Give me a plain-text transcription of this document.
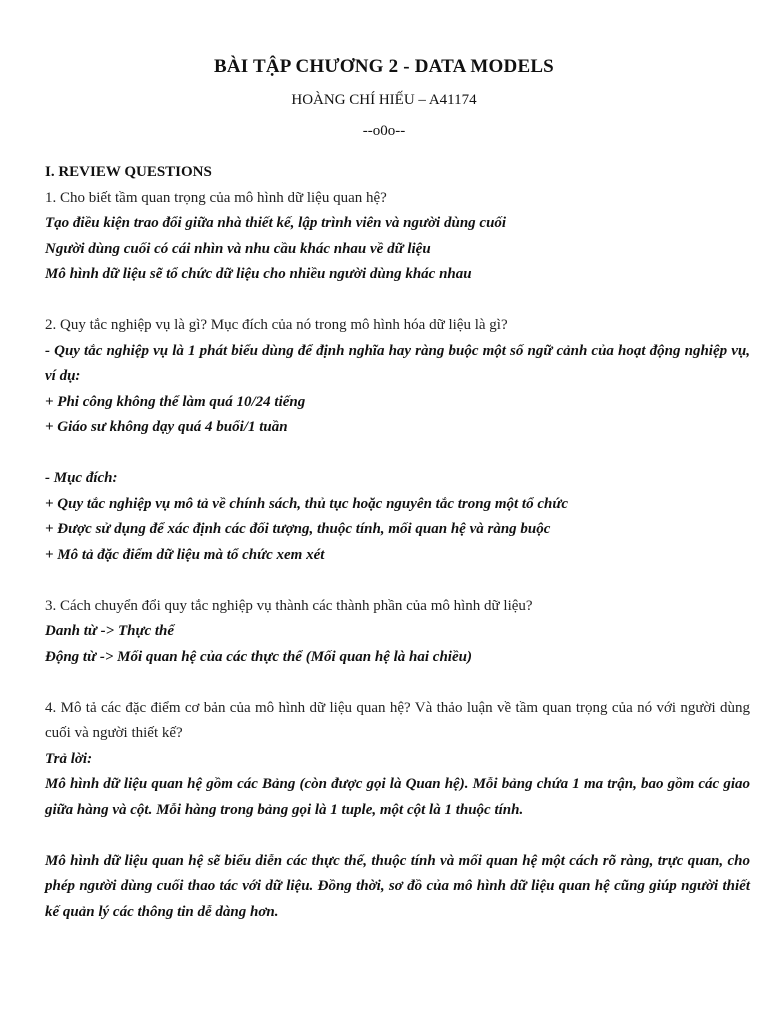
BÀI TẬP CHƯƠNG 2 - DATA MODELS
HOÀNG CHÍ HIẾU – A41174
--o0o--

I. REVIEW QUESTIONS

1. Cho biết tầm quan trọng của mô hình dữ liệu quan hệ?

Tạo điều kiện trao đổi giữa nhà thiết kế, lập trình viên và người dùng cuối

Người dùng cuối có cái nhìn và nhu cầu khác nhau về dữ liệu

Mô hình dữ liệu sẽ tổ chức dữ liệu cho nhiều người dùng khác nhau

2. Quy tắc nghiệp vụ là gì? Mục đích của nó trong mô hình hóa dữ liệu là gì?

- Quy tắc nghiệp vụ là 1 phát biểu dùng để định nghĩa hay ràng buộc một số ngữ cảnh của hoạt động nghiệp vụ, ví dụ:

+ Phi công không thể làm quá 10/24 tiếng

+ Giáo sư không dạy quá 4 buổi/1 tuần

- Mục đích:

+ Quy tắc nghiệp vụ mô tả về chính sách, thủ tục hoặc nguyên tắc trong một tổ chức

+ Được sử dụng để xác định các đối tượng, thuộc tính, mối quan hệ và ràng buộc

+ Mô tả đặc điểm dữ liệu mà tổ chức xem xét

3. Cách chuyển đổi quy tắc nghiệp vụ thành các thành phần của mô hình dữ liệu?

Danh từ -> Thực thể

Động từ -> Mối quan hệ của các thực thể (Mối quan hệ là hai chiều)

4. Mô tả các đặc điểm cơ bản của mô hình dữ liệu quan hệ? Và thảo luận về tầm quan trọng của nó với người dùng cuối và người thiết kế?

Trả lời:

Mô hình dữ liệu quan hệ gồm các Bảng (còn được gọi là Quan hệ). Mỗi bảng chứa 1 ma trận, bao gồm các giao giữa hàng và cột. Mỗi hàng trong bảng gọi là 1 tuple, một cột là 1 thuộc tính.

Mô hình dữ liệu quan hệ sẽ biểu diễn các thực thể, thuộc tính và mối quan hệ một cách rõ ràng, trực quan, cho phép người dùng cuối thao tác với dữ liệu. Đồng thời, sơ đồ của mô hình dữ liệu quan hệ cũng giúp người thiết kế quản lý các thông tin dễ dàng hơn.
